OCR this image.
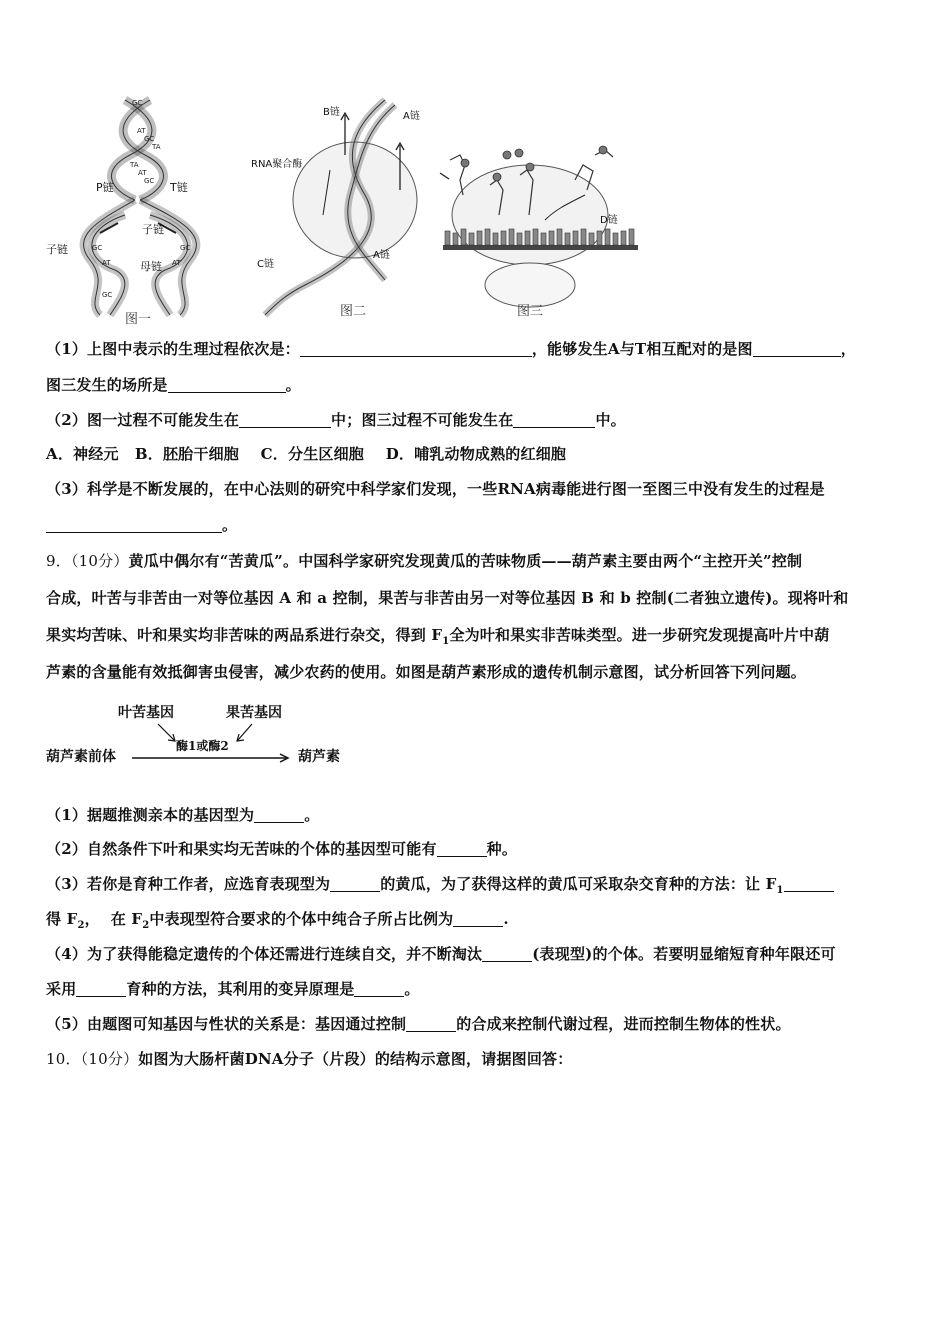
GC
AT
GC
TA
TA
AT
GC
GC
AT
GC
AT
GC
P链	T链
子链
子链
母链
图一
B链	A链
RNA聚合酶
C链
A链
图二
D链
图三
（1）上图中表示的生理过程依次是：	，能够发生A与T相互配对的是图	，
图三发生的场所是	。
（2）图一过程不可能发生在	中；图三过程不可能发生在	中。
A．神经元   B．胚胎干细胞    C．分生区细胞    D．哺乳动物成熟的红细胞
（3）科学是不断发展的，在中心法则的研究中科学家们发现，一些RNA病毒能进行图一至图三中没有发生的过程是
。
9．（10分）黄瓜中偶尔有“苦黄瓜”。中国科学家研究发现黄瓜的苦味物质——葫芦素主要由两个“主控开关”控制
合成，叶苦与非苦由一对等位基因 A 和 a 控制，果苦与非苦由另一对等位基因 B 和 b 控制(二者独立遗传)。现将叶和
果实均苦味、叶和果实均非苦味的两品系进行杂交，得到 $F_1$全为叶和果实非苦味类型。进一步研究发现提高叶片中葫
芦素的含量能有效抵御害虫侵害，减少农药的使用。如图是葫芦素形成的遗传机制示意图，试分析回答下列问题。
叶苦基因	果苦基因
酶1或酶2
葫芦素前体	葫芦素
（1）据题推测亲本的基因型为	。
（2）自然条件下叶和果实均无苦味的个体的基因型可能有	种。
（3）若你是育种工作者，应选育表现型为	的黄瓜，为了获得这样的黄瓜可采取杂交育种的方法：让 $F_1$
得 $F_2$，  在 $F_2$中表现型符合要求的个体中纯合子所占比例为	.
（4）为了获得能稳定遗传的个体还需进行连续自交，并不断淘汰	(表现型)的个体。若要明显缩短育种年限还可
采用	育种的方法，其利用的变异原理是	。
（5）由题图可知基因与性状的关系是：基因通过控制	的合成来控制代谢过程，进而控制生物体的性状。
10．（10分）如图为大肠杆菌DNA分子（片段）的结构示意图，请据图回答：
